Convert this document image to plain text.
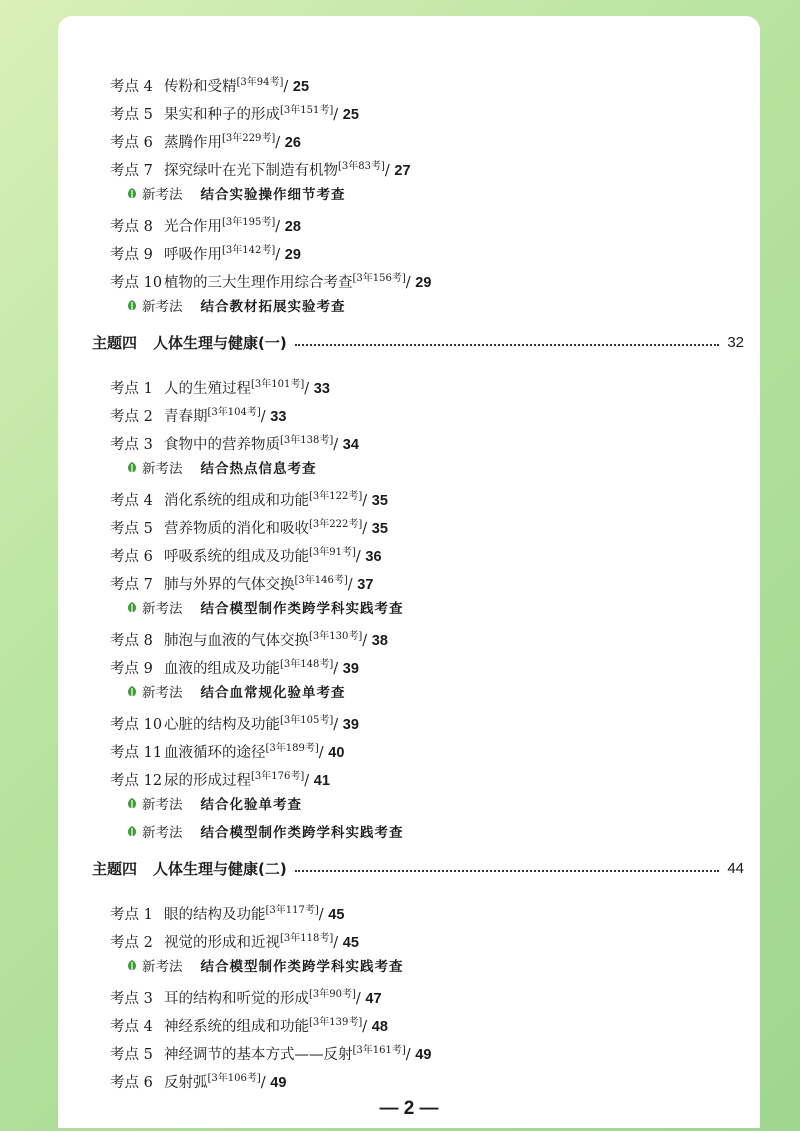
考点 4 传粉和受精[3年94考]/ 25
考点 5 果实和种子的形成[3年151考]/ 25
考点 6 蒸腾作用[3年229考]/ 26
考点 7 探究绿叶在光下制造有机物[3年83考]/ 27
新考法 结合实验操作细节考查
考点 8 光合作用[3年195考]/ 28
考点 9 呼吸作用[3年142考]/ 29
考点 10 植物的三大生理作用综合考查[3年156考]/ 29
新考法 结合教材拓展实验考查
主题四 人体生理与健康(一)	32
考点 1 人的生殖过程[3年101考]/ 33
考点 2 青春期[3年104考]/ 33
考点 3 食物中的营养物质[3年138考]/ 34
新考法 结合热点信息考查
考点 4 消化系统的组成和功能[3年122考]/ 35
考点 5 营养物质的消化和吸收[3年222考]/ 35
考点 6 呼吸系统的组成及功能[3年91考]/ 36
考点 7 肺与外界的气体交换[3年146考]/ 37
新考法 结合模型制作类跨学科实践考查
考点 8 肺泡与血液的气体交换[3年130考]/ 38
考点 9 血液的组成及功能[3年148考]/ 39
新考法 结合血常规化验单考查
考点 10 心脏的结构及功能[3年105考]/ 39
考点 11 血液循环的途径[3年189考]/ 40
考点 12 尿的形成过程[3年176考]/ 41
新考法 结合化验单考查
新考法 结合模型制作类跨学科实践考查
主题四 人体生理与健康(二)	44
考点 1 眼的结构及功能[3年117考]/ 45
考点 2 视觉的形成和近视[3年118考]/ 45
新考法 结合模型制作类跨学科实践考查
考点 3 耳的结构和听觉的形成[3年90考]/ 47
考点 4 神经系统的组成和功能[3年139考]/ 48
考点 5 神经调节的基本方式——反射[3年161考]/ 49
考点 6 反射弧[3年106考]/ 49
— 2 —
